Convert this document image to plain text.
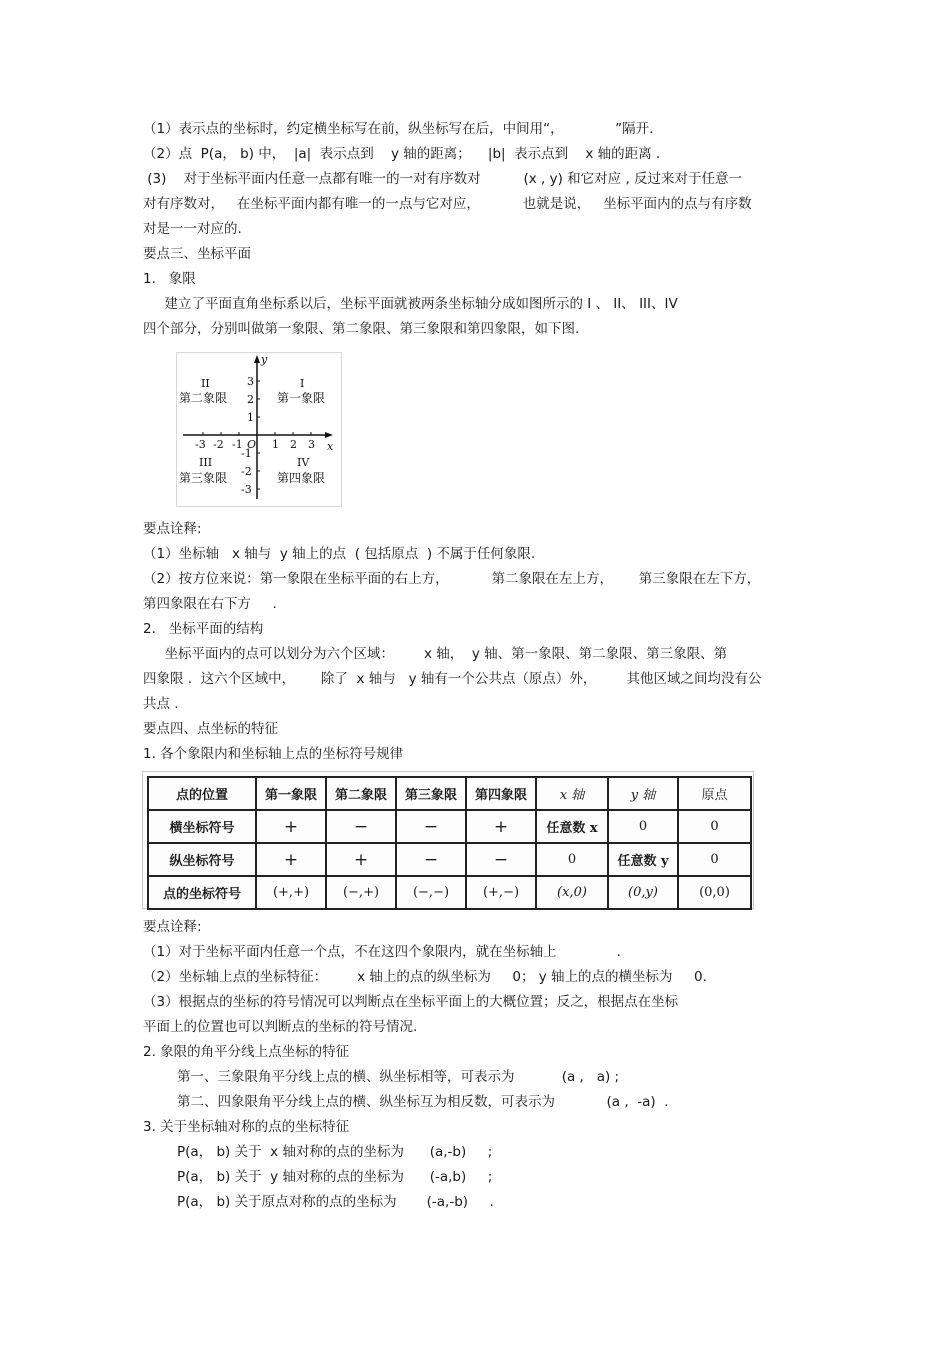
（1）表示点的坐标时，约定横坐标写在前，纵坐标写在后，中间用“，            ”隔开.
（2）点  P(a， b) 中，  |a|  表示点到    y 轴的距离；    |b|  表示点到    x 轴的距离 .
(3)    对于坐标平面内任意一点都有唯一的一对有序数对          (x , y) 和它对应 , 反过来对于任意一
对有序数对，   在坐标平面内都有唯一的一点与它对应，          也就是说，   坐标平面内的点与有序数
对是一一对应的.
要点三、坐标平面
1.   象限
建立了平面直角坐标系以后，坐标平面就被两条坐标轴分成如图所示的 I 、 II、 III、IV
四个部分，分别叫做第一象限、第二象限、第三象限和第四象限，如下图.
y
x
O
-3 -2 -1	1 2 3
3
2
1
-1
-2
-3
II	I
III	IV
第二象限	第一象限
第三象限	第四象限
要点诠释:
（1）坐标轴   x 轴与  y 轴上的点  ( 包括原点  ) 不属于任何象限.
（2）按方位来说：第一象限在坐标平面的右上方，          第二象限在左上方，      第三象限在左下方，
第四象限在右下方     .
2.   坐标平面的结构
坐标平面内的点可以划分为六个区域：       x 轴，  y 轴、第一象限、第二象限、第三象限、第
四象限 .  这六个区域中，      除了  x 轴与   y 轴有一个公共点（原点）外，       其他区域之间均没有公
共点 .
要点四、点坐标的特征
1. 各个象限内和坐标轴上点的坐标符号规律
点的位置	第一象限	第二象限	第三象限	第四象限	x 轴	y 轴	原点
横坐标符号	+	−	−	+	任意数 x	0	0
纵坐标符号	+	+	−	−	0	任意数 y	0
点的坐标符号	(+,+)	(−,+)	(−,−)	(+,−)	(x,0)	(0,y)	(0,0)
要点诠释:
（1）对于坐标平面内任意一个点，不在这四个象限内，就在坐标轴上              .
（2）坐标轴上点的坐标特征：       x 轴上的点的纵坐标为     0； y 轴上的点的横坐标为     0.
（3）根据点的坐标的符号情况可以判断点在坐标平面上的大概位置；反之，根据点在坐标
平面上的位置也可以判断点的坐标的符号情况.
2. 象限的角平分线上点坐标的特征
第一、三象限角平分线上点的横、纵坐标相等，可表示为           (a ,   a) ;
第二、四象限角平分线上点的横、纵坐标互为相反数，可表示为            (a ,  -a)  .
3. 关于坐标轴对称的点的坐标特征
P(a， b) 关于  x 轴对称的点的坐标为      (a,-b)     ;
P(a， b) 关于  y 轴对称的点的坐标为      (-a,b)     ;
P(a， b) 关于原点对称的点的坐标为       (-a,-b)     .
